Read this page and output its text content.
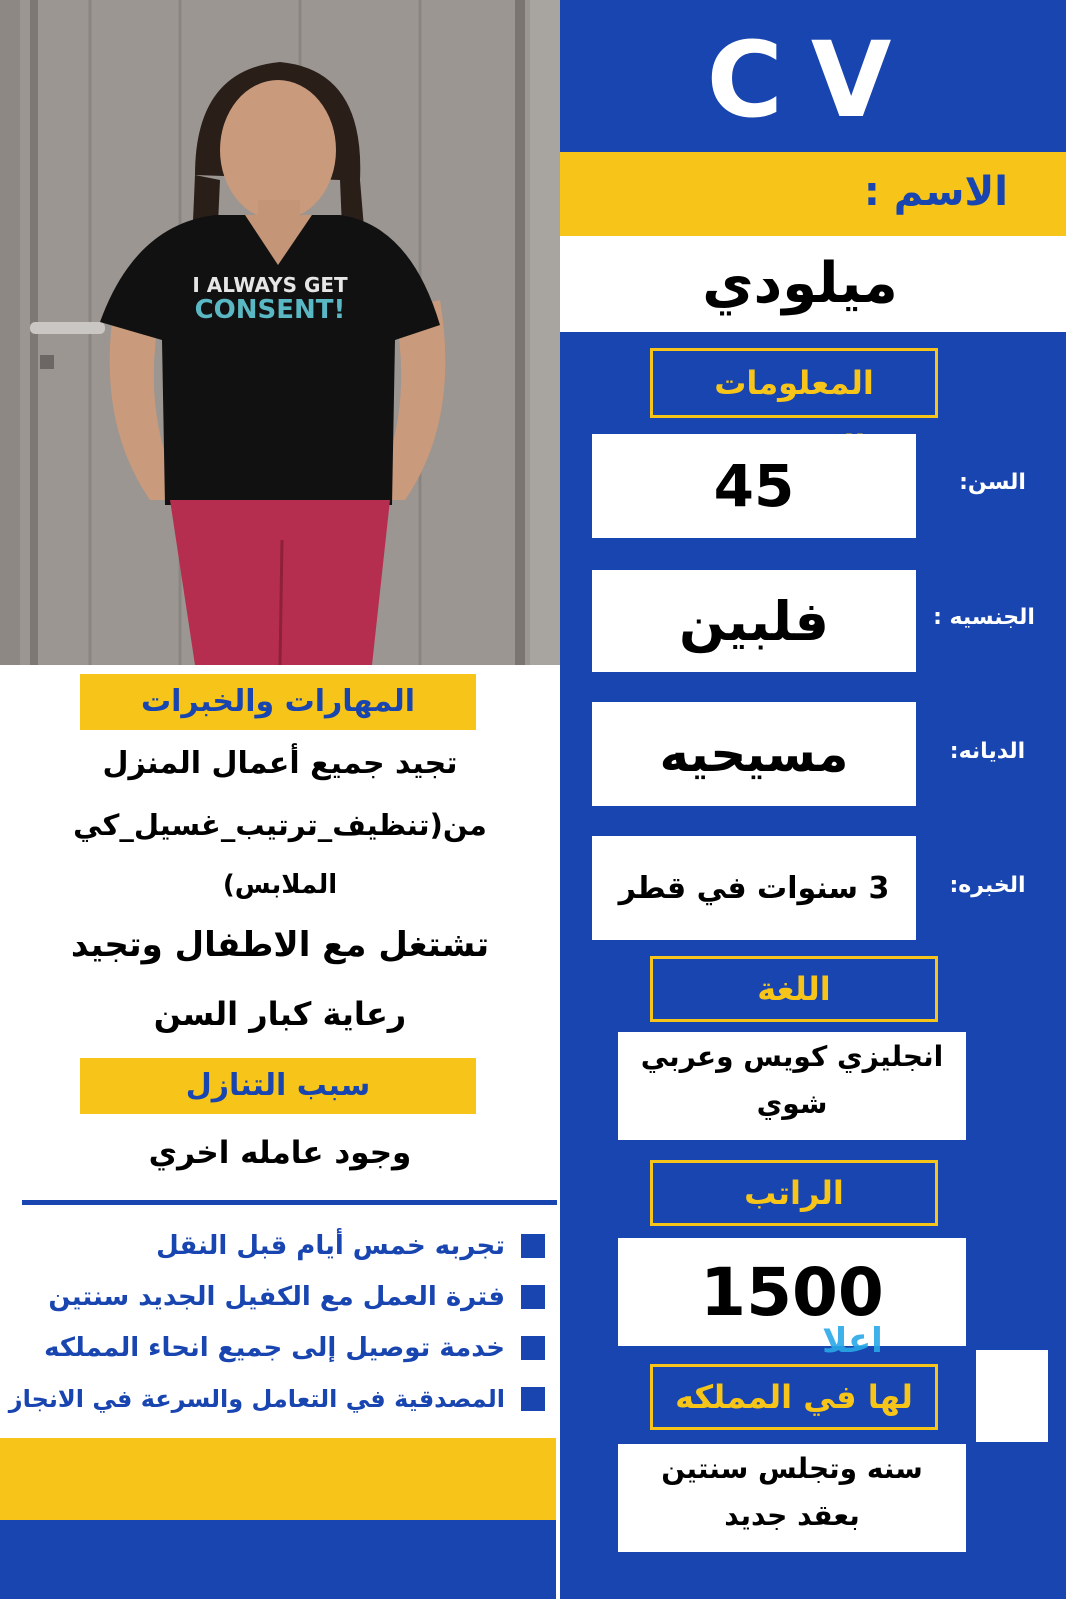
I ALWAYS GET
CONSENT!
CV
الاسم :
ميلودي
المعلومات
45	السن:
فلبين	الجنسيه :
مسيحيه	الديانه:
3 سنوات في قطر	الخبره:
اللغة
انجليزي كويس وعربي
شوي
الراتب
1500
اعلا
لها في المملكه
سنه وتجلس سنتين
بعقد جديد
المهارات والخبرات
تجيد جميع أعمال المنزل
من(تنظيف_ترتيب_غسيل_كي
الملابس)
تشتغل مع الاطفال وتجيد
رعاية كبار السن
سبب التنازل
وجود عامله اخري
تجربه خمس أيام قبل النقل
فترة العمل مع الكفيل الجديد سنتين
خدمة توصيل إلى جميع انحاء المملكه
المصدقية في التعامل والسرعة في الانجاز
